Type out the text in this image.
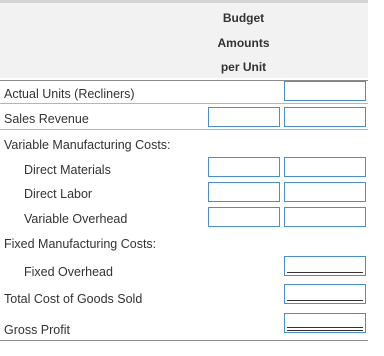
Budget
Amounts
per Unit
Actual Units (Recliners)
Sales Revenue
Variable Manufacturing Costs:
Direct Materials
Direct Labor
Variable Overhead
Fixed Manufacturing Costs:
Fixed Overhead
Total Cost of Goods Sold
Gross Profit
